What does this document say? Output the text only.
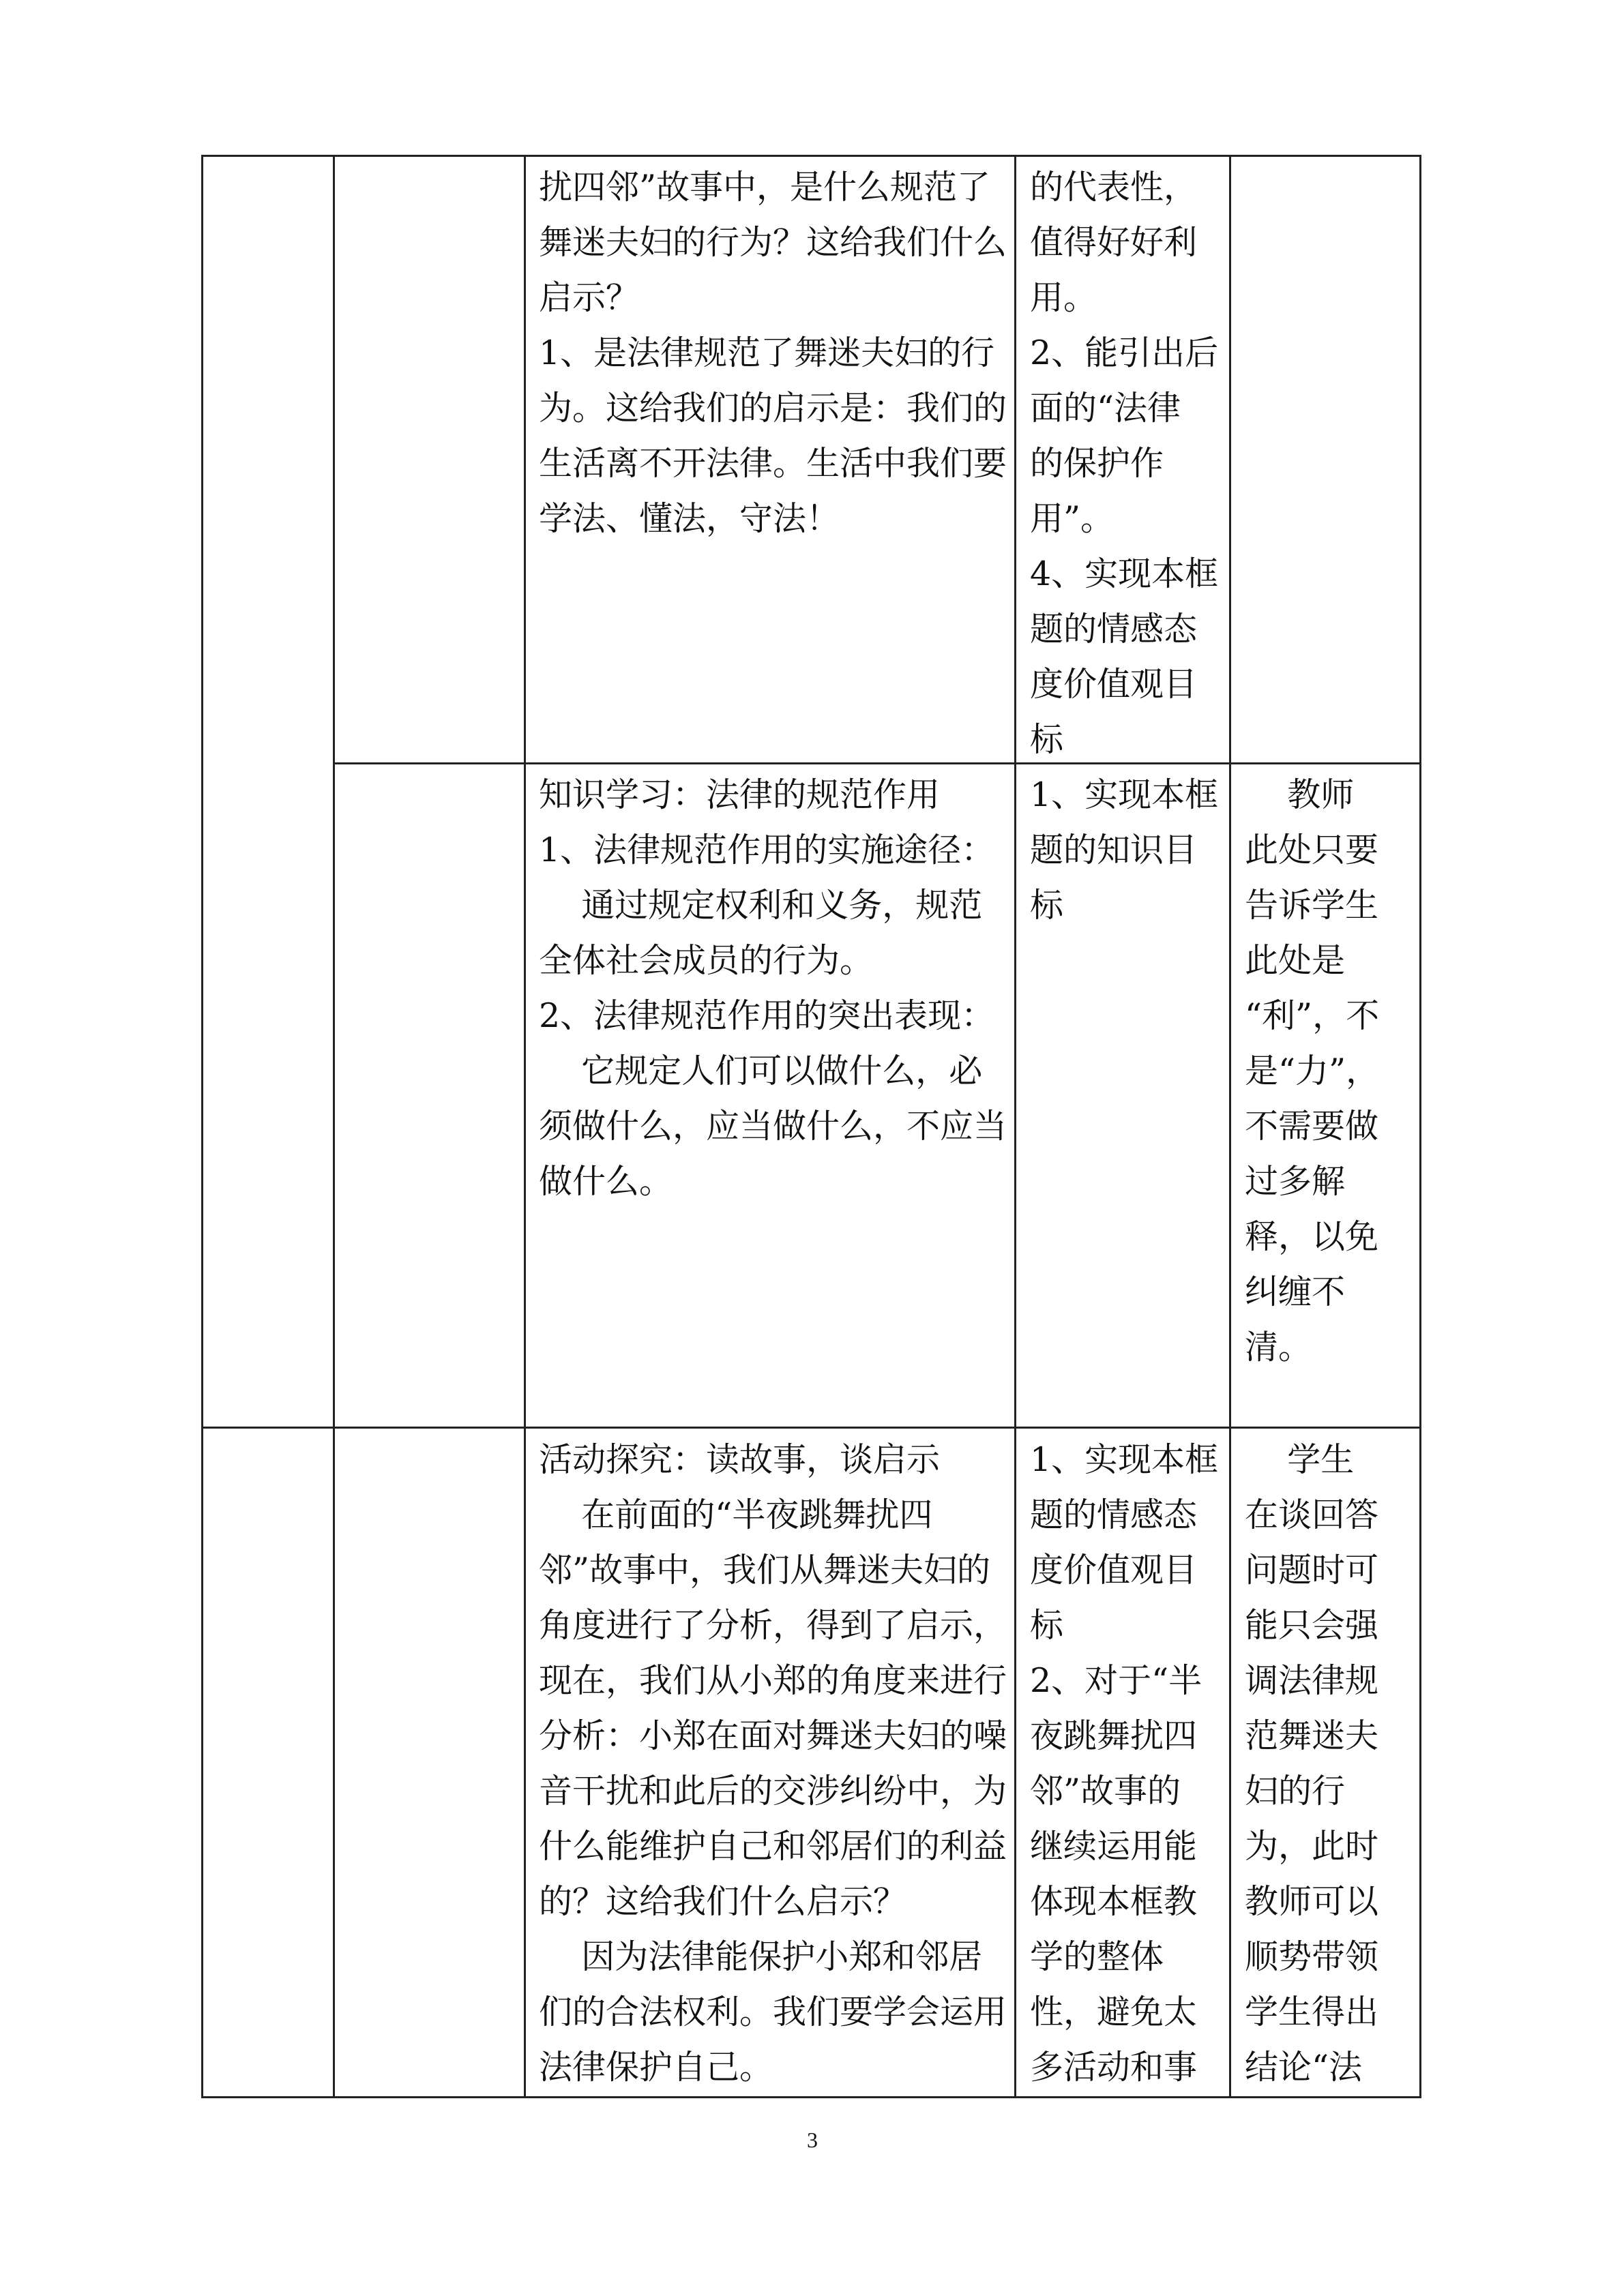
扰四邻”故事中，是什么规范了
舞迷夫妇的行为？这给我们什么
启示？
1、是法律规范了舞迷夫妇的行
为。这给我们的启示是：我们的
生活离不开法律。生活中我们要
学法、懂法，守法！
的代表性，
值得好好利
用。
2、能引出后
面的“法律
的保护作
用”。
4、实现本框
题的情感态
度价值观目
标
知识学习：法律的规范作用
1、法律规范作用的实施途径：
通过规定权利和义务，规范
全体社会成员的行为。
2、法律规范作用的突出表现：
它规定人们可以做什么，必
须做什么，应当做什么，不应当
做什么。
1、实现本框
题的知识目
标
教师
此处只要
告诉学生
此处是
“利”，不
是“力”，
不需要做
过多解
释，以免
纠缠不
清。
活动探究：读故事，谈启示
在前面的“半夜跳舞扰四
邻”故事中，我们从舞迷夫妇的
角度进行了分析，得到了启示，
现在，我们从小郑的角度来进行
分析：小郑在面对舞迷夫妇的噪
音干扰和此后的交涉纠纷中，为
什么能维护自己和邻居们的利益
的？这给我们什么启示？
因为法律能保护小郑和邻居
们的合法权利。我们要学会运用
法律保护自己。
1、实现本框
题的情感态
度价值观目
标
2、对于“半
夜跳舞扰四
邻”故事的
继续运用能
体现本框教
学的整体
性，避免太
多活动和事
学生
在谈回答
问题时可
能只会强
调法律规
范舞迷夫
妇的行
为，此时
教师可以
顺势带领
学生得出
结论“法
3
